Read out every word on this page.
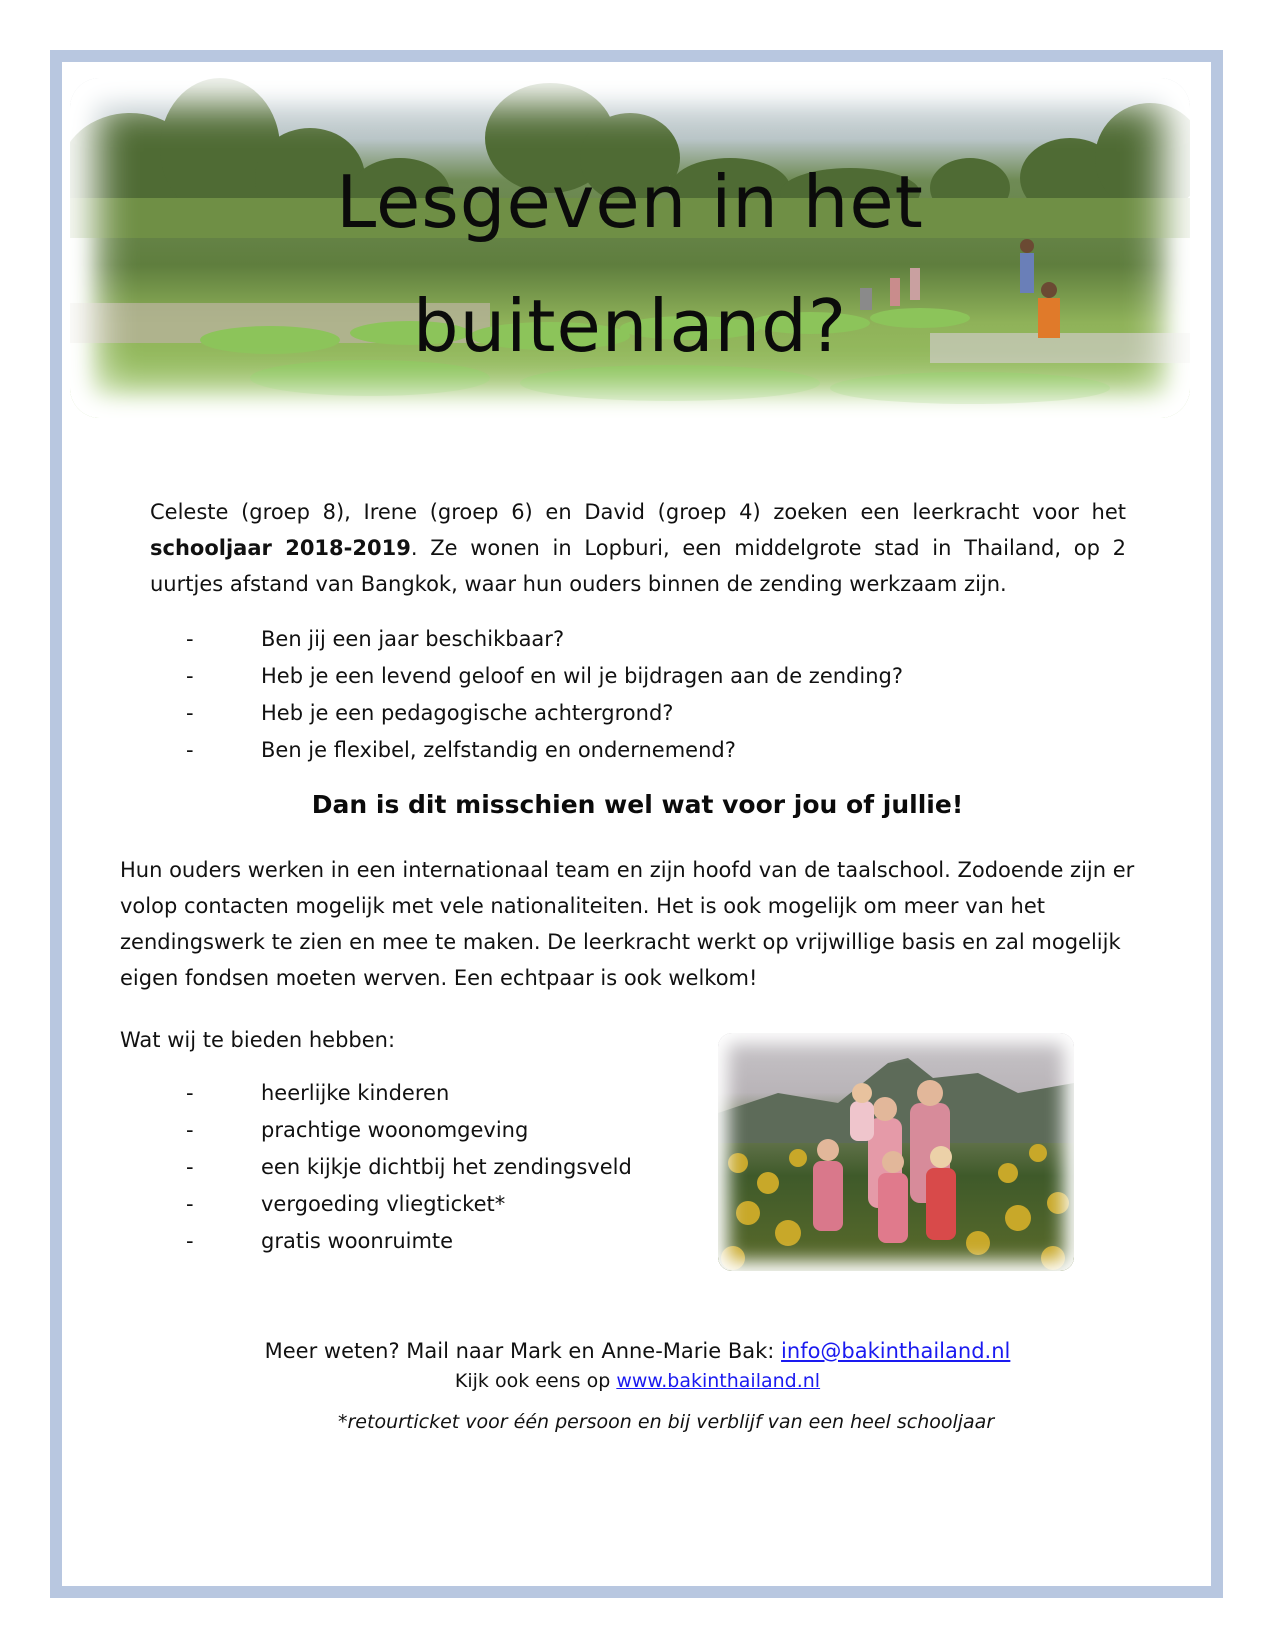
Lesgeven in het
buitenland?
Celeste (groep 8), Irene (groep 6) en David (groep 4) zoeken een leerkracht voor het schooljaar 2018-2019. Ze wonen in Lopburi, een middelgrote stad in Thailand, op 2 uurtjes afstand van Bangkok, waar hun ouders binnen de zending werkzaam zijn.
-	Ben jij een jaar beschikbaar?
-	Heb je een levend geloof en wil je bijdragen aan de zending?
-	Heb je een pedagogische achtergrond?
-	Ben je flexibel, zelfstandig en ondernemend?
Dan is dit misschien wel wat voor jou of jullie!
Hun ouders werken in een internationaal team en zijn hoofd van de taalschool. Zodoende zijn er volop contacten mogelijk met vele nationaliteiten. Het is ook mogelijk om meer van het zendingswerk te zien en mee te maken. De leerkracht werkt op vrijwillige basis en zal mogelijk eigen fondsen moeten werven. Een echtpaar is ook welkom!
Wat wij te bieden hebben:
-	heerlijke kinderen
-	prachtige woonomgeving
-	een kijkje dichtbij het zendingsveld
-	vergoeding vliegticket*
-	gratis woonruimte
Meer weten? Mail naar Mark en Anne-Marie Bak: info@bakinthailand.nl
Kijk ook eens op www.bakinthailand.nl
*retourticket voor één persoon en bij verblijf van een heel schooljaar
